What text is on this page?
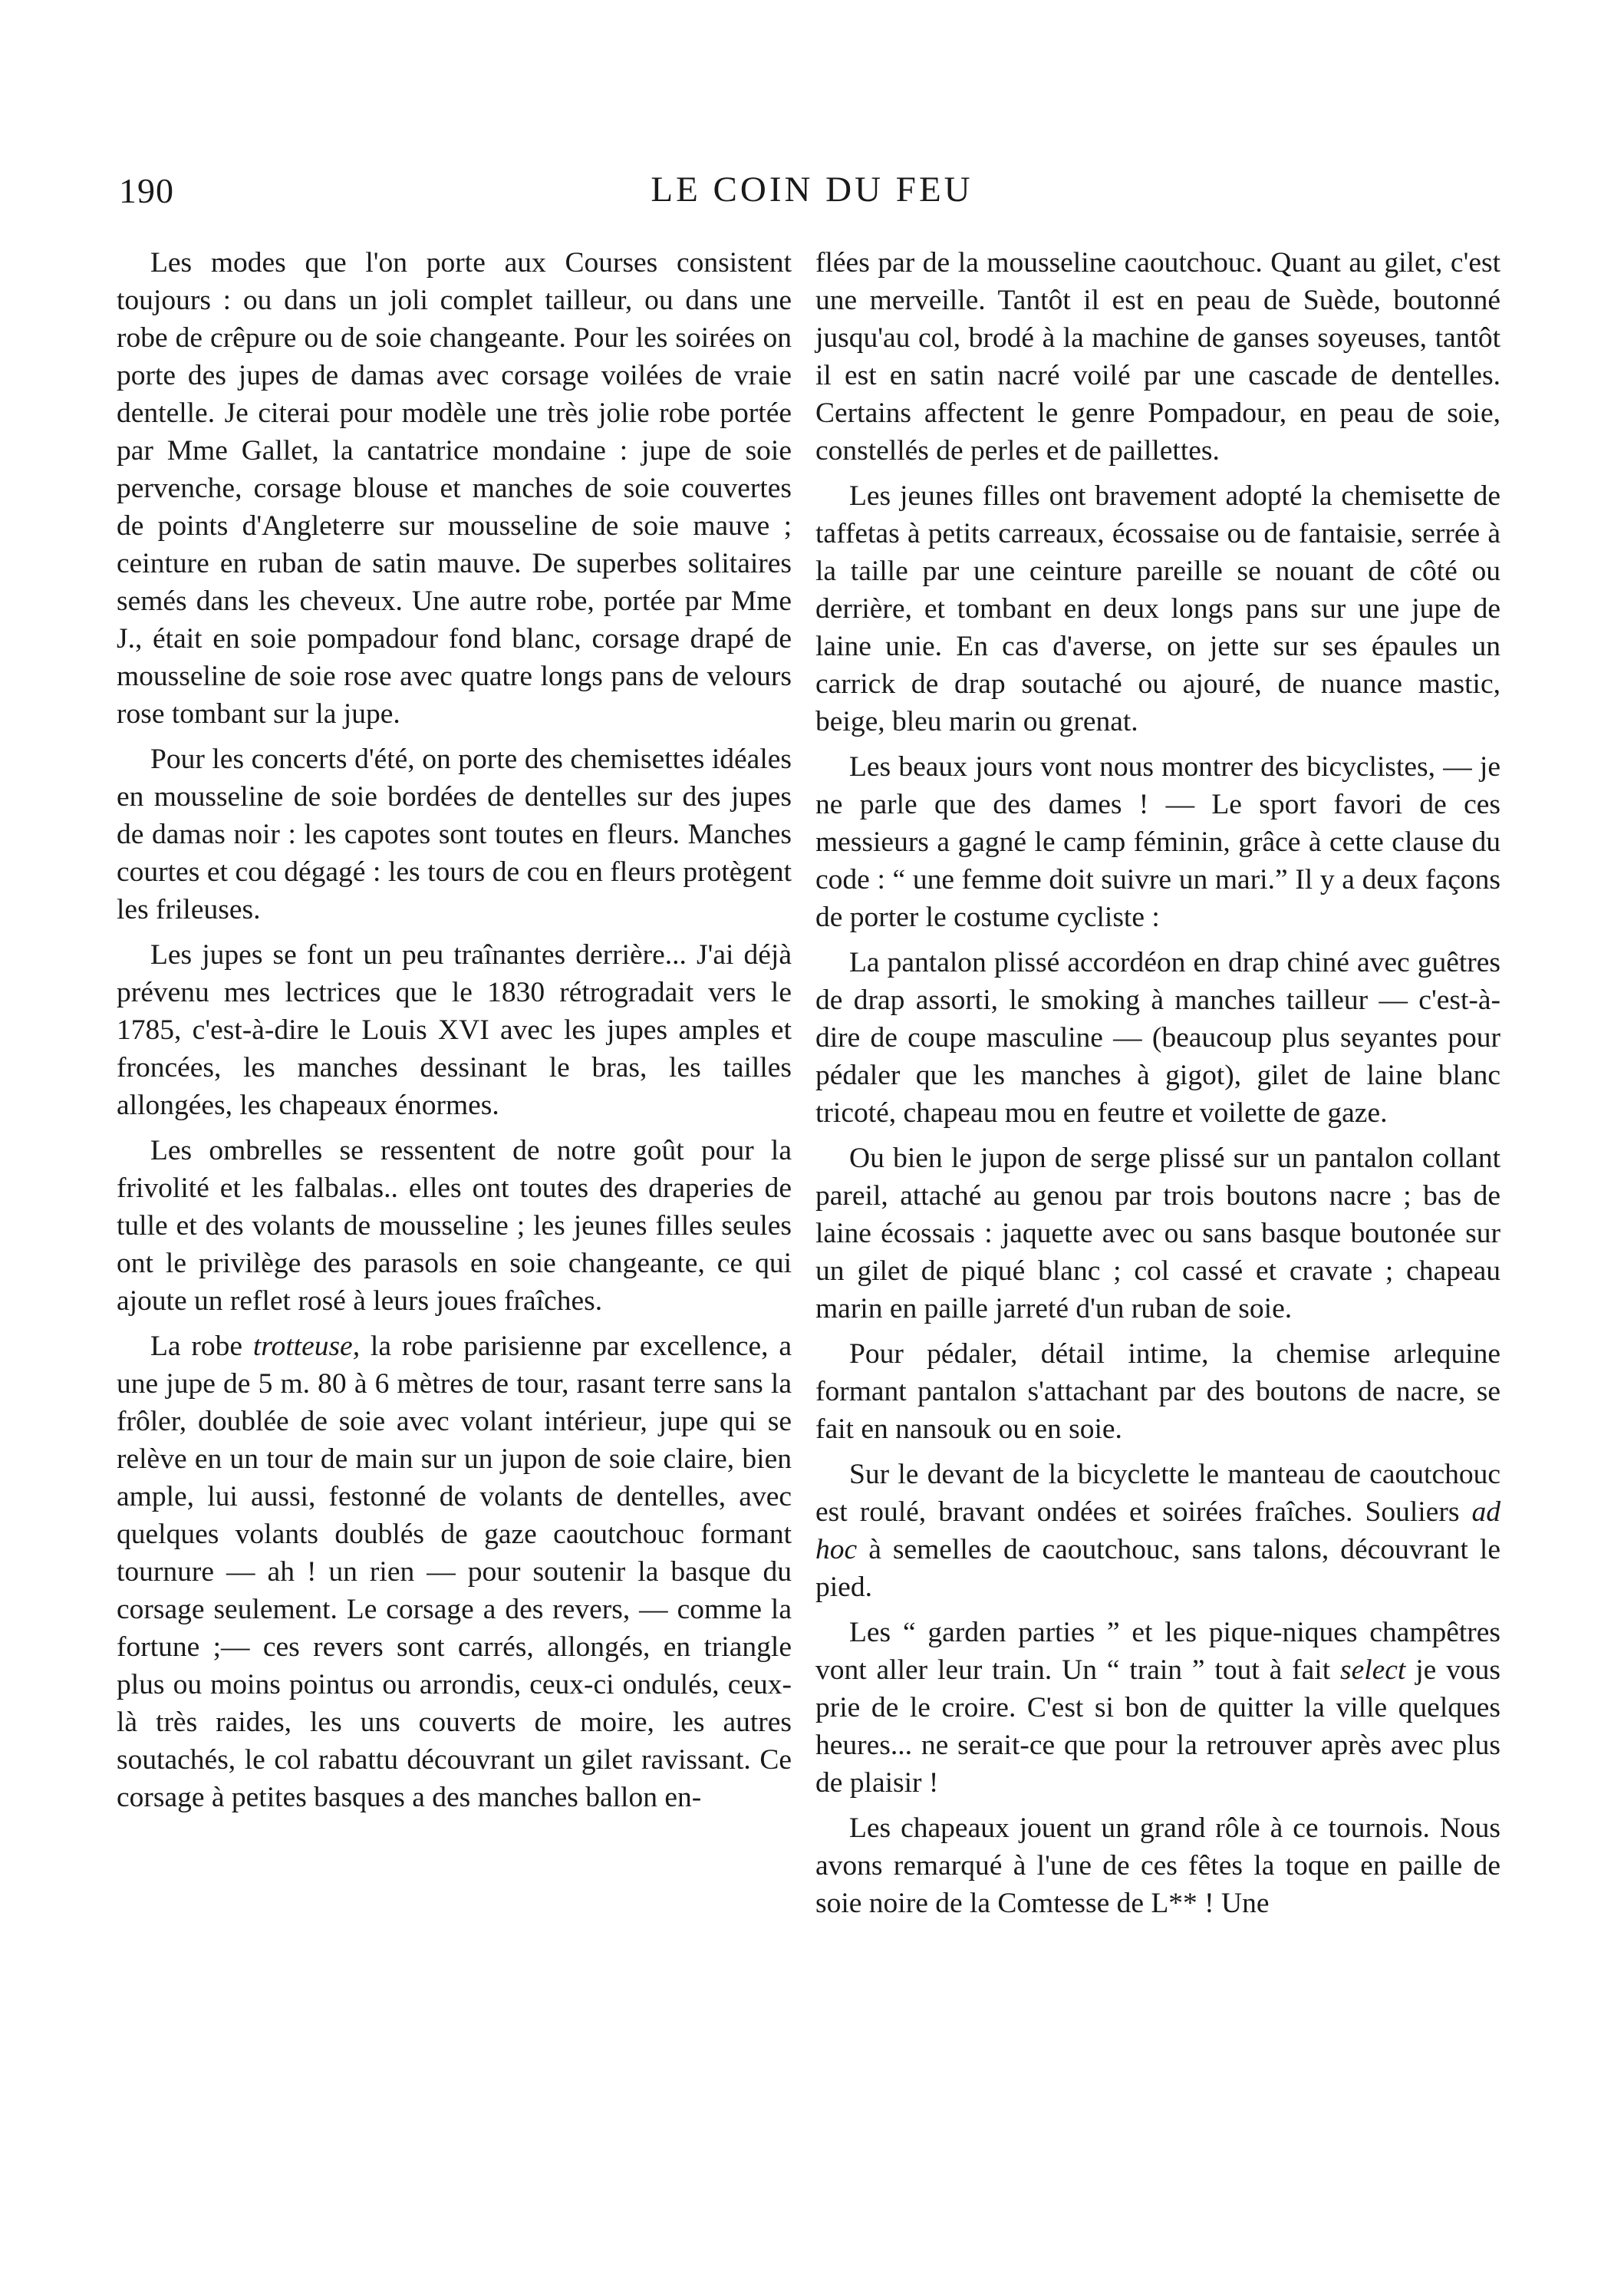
190	LE COIN DU FEU

Les modes que l'on porte aux Courses consistent toujours : ou dans un joli complet tailleur, ou dans une robe de crêpure ou de soie changeante. Pour les soirées on porte des jupes de damas avec corsage voilées de vraie dentelle. Je citerai pour modèle une très jolie robe portée par Mme Gallet, la cantatrice mondaine : jupe de soie pervenche, corsage blouse et manches de soie couvertes de points d'Angleterre sur mousseline de soie mauve ; ceinture en ruban de satin mauve. De superbes solitaires semés dans les cheveux. Une autre robe, portée par Mme J., était en soie pompadour fond blanc, corsage drapé de mousseline de soie rose avec quatre longs pans de velours rose tombant sur la jupe.

Pour les concerts d'été, on porte des chemisettes idéales en mousseline de soie bordées de dentelles sur des jupes de damas noir : les capotes sont toutes en fleurs. Manches courtes et cou dégagé : les tours de cou en fleurs protègent les frileuses.

Les jupes se font un peu traînantes derrière... J'ai déjà prévenu mes lectrices que le 1830 rétrogradait vers le 1785, c'est-à-dire le Louis XVI avec les jupes amples et froncées, les manches dessinant le bras, les tailles allongées, les chapeaux énormes.

Les ombrelles se ressentent de notre goût pour la frivolité et les falbalas.. elles ont toutes des draperies de tulle et des volants de mousseline ; les jeunes filles seules ont le privilège des parasols en soie changeante, ce qui ajoute un reflet rosé à leurs joues fraîches.

La robe trotteuse, la robe parisienne par excellence, a une jupe de 5 m. 80 à 6 mètres de tour, rasant terre sans la frôler, doublée de soie avec volant intérieur, jupe qui se relève en un tour de main sur un jupon de soie claire, bien ample, lui aussi, festonné de volants de dentelles, avec quelques volants doublés de gaze caoutchouc formant tournure — ah ! un rien — pour soutenir la basque du corsage seulement. Le corsage a des revers, — comme la fortune ;— ces revers sont carrés, allongés, en triangle plus ou moins pointus ou arrondis, ceux-ci ondulés, ceux-là très raides, les uns couverts de moire, les autres soutachés, le col rabattu découvrant un gilet ravissant. Ce corsage à petites basques a des manches ballon en-

flées par de la mousseline caoutchouc. Quant au gilet, c'est une merveille. Tantôt il est en peau de Suède, boutonné jusqu'au col, brodé à la machine de ganses soyeuses, tantôt il est en satin nacré voilé par une cascade de dentelles. Certains affectent le genre Pompadour, en peau de soie, constellés de perles et de paillettes.

Les jeunes filles ont bravement adopté la chemisette de taffetas à petits carreaux, écossaise ou de fantaisie, serrée à la taille par une ceinture pareille se nouant de côté ou derrière, et tombant en deux longs pans sur une jupe de laine unie. En cas d'averse, on jette sur ses épaules un carrick de drap soutaché ou ajouré, de nuance mastic, beige, bleu marin ou grenat.

Les beaux jours vont nous montrer des bicyclistes, — je ne parle que des dames ! — Le sport favori de ces messieurs a gagné le camp féminin, grâce à cette clause du code : “ une femme doit suivre un mari.” Il y a deux façons de porter le costume cycliste :

La pantalon plissé accordéon en drap chiné avec guêtres de drap assorti, le smoking à manches tailleur — c'est-à-dire de coupe masculine — (beaucoup plus seyantes pour pédaler que les manches à gigot), gilet de laine blanc tricoté, chapeau mou en feutre et voilette de gaze.

Ou bien le jupon de serge plissé sur un pantalon collant pareil, attaché au genou par trois boutons nacre ; bas de laine écossais : jaquette avec ou sans basque boutonée sur un gilet de piqué blanc ; col cassé et cravate ; chapeau marin en paille jarreté d'un ruban de soie.

Pour pédaler, détail intime, la chemise arlequine formant pantalon s'attachant par des boutons de nacre, se fait en nansouk ou en soie.

Sur le devant de la bicyclette le manteau de caoutchouc est roulé, bravant ondées et soirées fraîches. Souliers ad hoc à semelles de caoutchouc, sans talons, découvrant le pied.

Les “ garden parties ” et les pique-niques champêtres vont aller leur train. Un “ train ” tout à fait select je vous prie de le croire. C'est si bon de quitter la ville quelques heures... ne serait-ce que pour la retrouver après avec plus de plaisir !

Les chapeaux jouent un grand rôle à ce tournois. Nous avons remarqué à l'une de ces fêtes la toque en paille de soie noire de la Comtesse de L** ! Une
